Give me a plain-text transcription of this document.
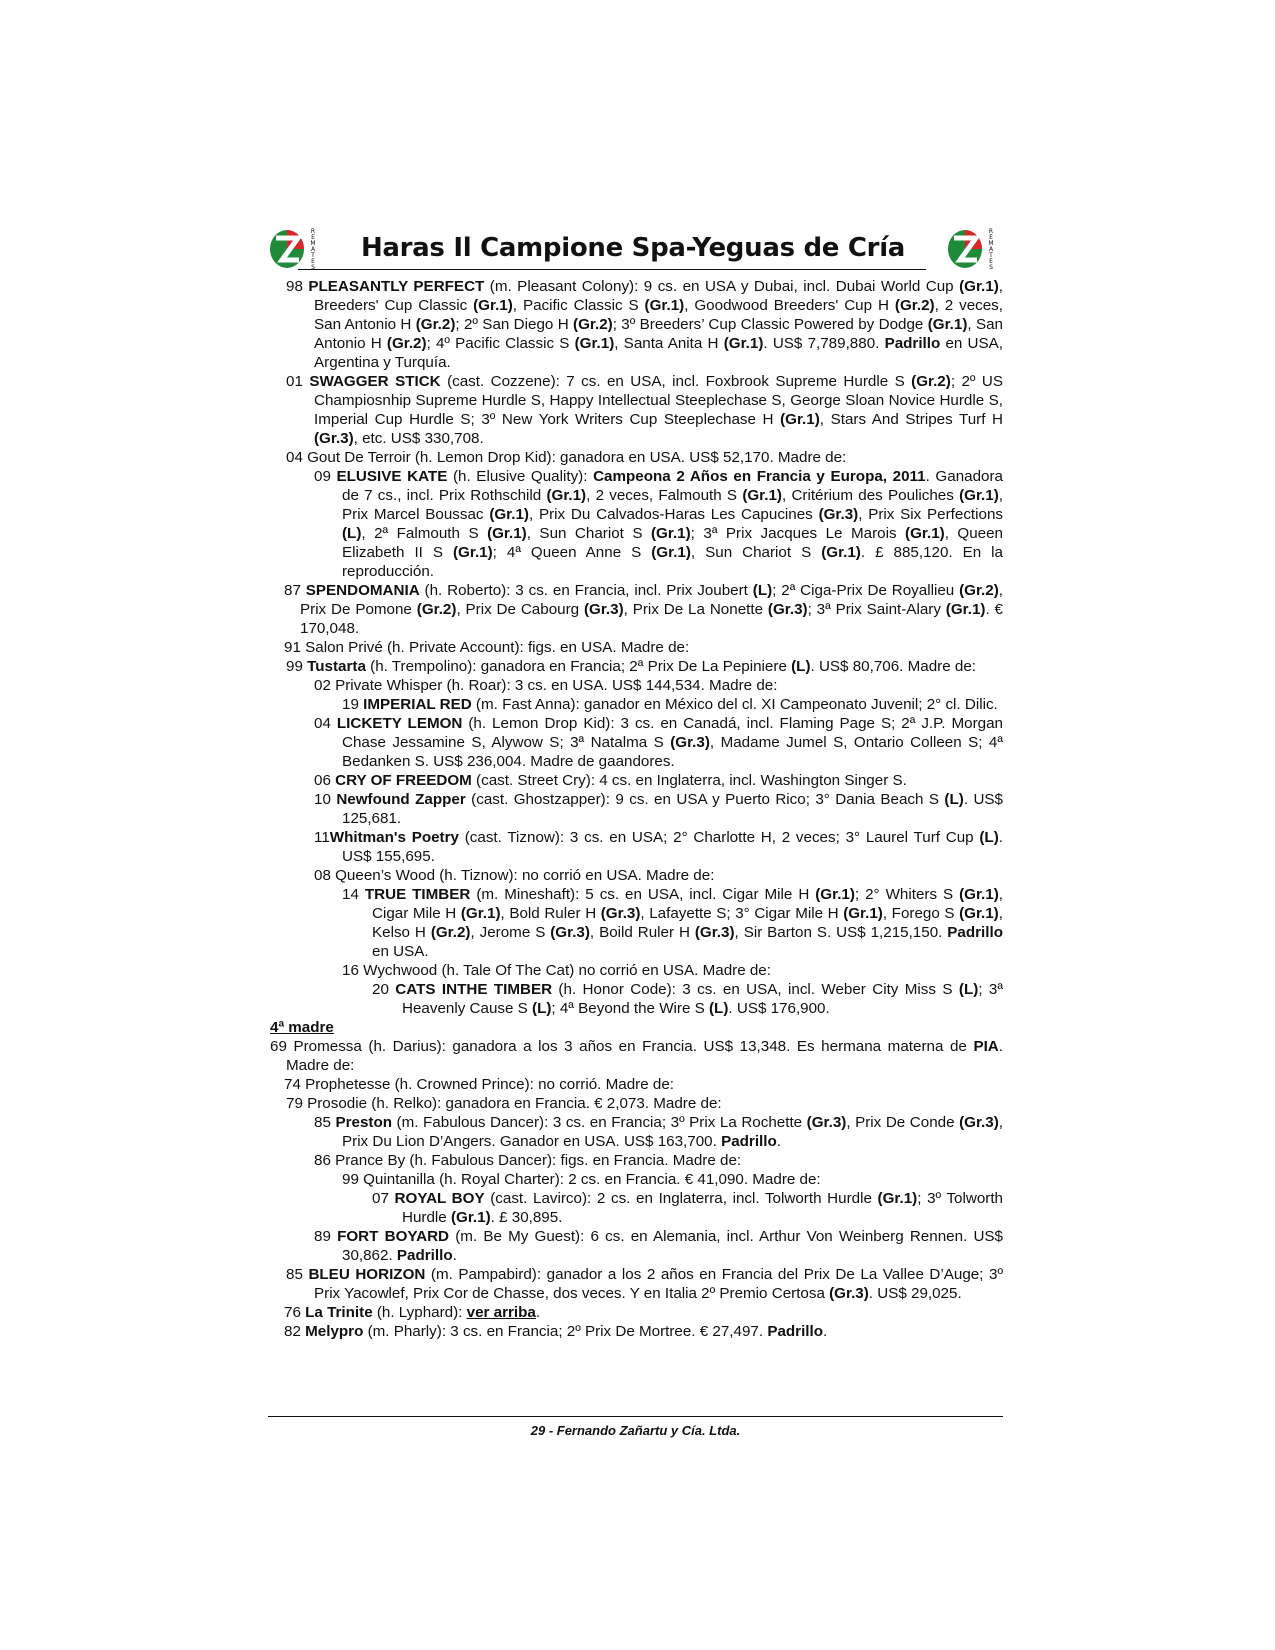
R
E
M
A
T
E
S
Haras Il Campione Spa-Yeguas de Cría
R
E
M
A
T
E
S

98 PLEASANTLY PERFECT (m. Pleasant Colony): 9 cs. en USA y Dubai, incl. Dubai World Cup (Gr.1), Breeders' Cup Classic (Gr.1), Pacific Classic S (Gr.1), Goodwood Breeders' Cup H (Gr.2), 2 veces, San Antonio H (Gr.2); 2º San Diego H (Gr.2); 3º Breeders’ Cup Classic Powered by Dodge (Gr.1), San Antonio H (Gr.2); 4º Pacific Classic S (Gr.1), Santa Anita H (Gr.1). US$ 7,789,880. Padrillo en USA, Argentina y Turquía.

01 SWAGGER STICK (cast. Cozzene): 7 cs. en USA, incl. Foxbrook Supreme Hurdle S (Gr.2); 2º US Champiosnhip Supreme Hurdle S, Happy Intellectual Steeplechase S, George Sloan Novice Hurdle S, Imperial Cup Hurdle S; 3º New York Writers Cup Steeplechase H (Gr.1), Stars And Stripes Turf H (Gr.3), etc. US$ 330,708.

04 Gout De Terroir (h. Lemon Drop Kid): ganadora en USA. US$ 52,170. Madre de:

09 ELUSIVE KATE (h. Elusive Quality): Campeona 2 Años en Francia y Europa, 2011. Ganadora de 7 cs., incl. Prix Rothschild (Gr.1), 2 veces, Falmouth S (Gr.1), Critérium des Pouliches (Gr.1), Prix Marcel Boussac (Gr.1), Prix Du Calvados-Haras Les Capucines (Gr.3), Prix Six Perfections (L), 2ª Falmouth S (Gr.1), Sun Chariot S (Gr.1); 3ª Prix Jacques Le Marois (Gr.1), Queen Elizabeth II S (Gr.1); 4ª Queen Anne S (Gr.1), Sun Chariot S (Gr.1). £ 885,120. En la reproducción.

87 SPENDOMANIA (h. Roberto): 3 cs. en Francia, incl. Prix Joubert (L); 2ª Ciga-Prix De Royallieu (Gr.2), Prix De Pomone (Gr.2), Prix De Cabourg (Gr.3), Prix De La Nonette (Gr.3); 3ª Prix Saint-Alary (Gr.1). € 170,048.

91 Salon Privé (h. Private Account): figs. en USA. Madre de:

99 Tustarta (h. Trempolino): ganadora en Francia; 2ª Prix De La Pepiniere (L). US$ 80,706. Madre de:

02 Private Whisper (h. Roar): 3 cs. en USA. US$ 144,534. Madre de:

19 IMPERIAL RED (m. Fast Anna): ganador en México del cl. XI Campeonato Juvenil; 2° cl. Dilic.

04 LICKETY LEMON (h. Lemon Drop Kid): 3 cs. en Canadá, incl. Flaming Page S; 2ª J.P. Morgan Chase Jessamine S, Alywow S; 3ª Natalma S (Gr.3), Madame Jumel S, Ontario Colleen S; 4ª Bedanken S. US$ 236,004. Madre de gaandores.

06 CRY OF FREEDOM (cast. Street Cry): 4 cs. en Inglaterra, incl. Washington Singer S.

10 Newfound Zapper (cast. Ghostzapper): 9 cs. en USA y Puerto Rico; 3° Dania Beach S (L). US$ 125,681.

11Whitman's Poetry (cast. Tiznow): 3 cs. en USA; 2° Charlotte H, 2 veces; 3° Laurel Turf Cup (L). US$ 155,695.

08 Queen’s Wood (h. Tiznow): no corrió en USA. Madre de:

14 TRUE TIMBER (m. Mineshaft): 5 cs. en USA, incl. Cigar Mile H (Gr.1); 2° Whiters S (Gr.1), Cigar Mile H (Gr.1), Bold Ruler H (Gr.3), Lafayette S; 3° Cigar Mile H (Gr.1), Forego S (Gr.1), Kelso H (Gr.2), Jerome S (Gr.3), Boild Ruler H (Gr.3), Sir Barton S. US$ 1,215,150. Padrillo en USA.

16 Wychwood (h. Tale Of The Cat) no corrió en USA. Madre de:

20 CATS INTHE TIMBER (h. Honor Code): 3 cs. en USA, incl. Weber City Miss S (L); 3ª Heavenly Cause S (L); 4ª Beyond the Wire S (L). US$ 176,900.

4ª madre

69 Promessa (h. Darius): ganadora a los 3 años en Francia. US$ 13,348. Es hermana materna de PIA. Madre de:

74 Prophetesse (h. Crowned Prince): no corrió. Madre de:

79 Prosodie (h. Relko): ganadora en Francia. € 2,073. Madre de:

85 Preston (m. Fabulous Dancer): 3 cs. en Francia; 3º Prix La Rochette (Gr.3), Prix De Conde (Gr.3), Prix Du Lion D’Angers. Ganador en USA. US$ 163,700. Padrillo.

86 Prance By (h. Fabulous Dancer): figs. en Francia. Madre de:

99 Quintanilla (h. Royal Charter): 2 cs. en Francia. € 41,090. Madre de:

07 ROYAL BOY (cast. Lavirco): 2 cs. en Inglaterra, incl. Tolworth Hurdle (Gr.1); 3º Tolworth Hurdle (Gr.1). £ 30,895.

89 FORT BOYARD (m. Be My Guest): 6 cs. en Alemania, incl. Arthur Von Weinberg Rennen. US$ 30,862. Padrillo.

85 BLEU HORIZON (m. Pampabird): ganador a los 2 años en Francia del Prix De La Vallee D’Auge; 3º Prix Yacowlef, Prix Cor de Chasse, dos veces. Y en Italia 2º Premio Certosa (Gr.3). US$ 29,025.

76 La Trinite (h. Lyphard): ver arriba.

82 Melypro (m. Pharly): 3 cs. en Francia; 2º Prix De Mortree. € 27,497. Padrillo.

29 - Fernando Zañartu y Cía. Ltda.
